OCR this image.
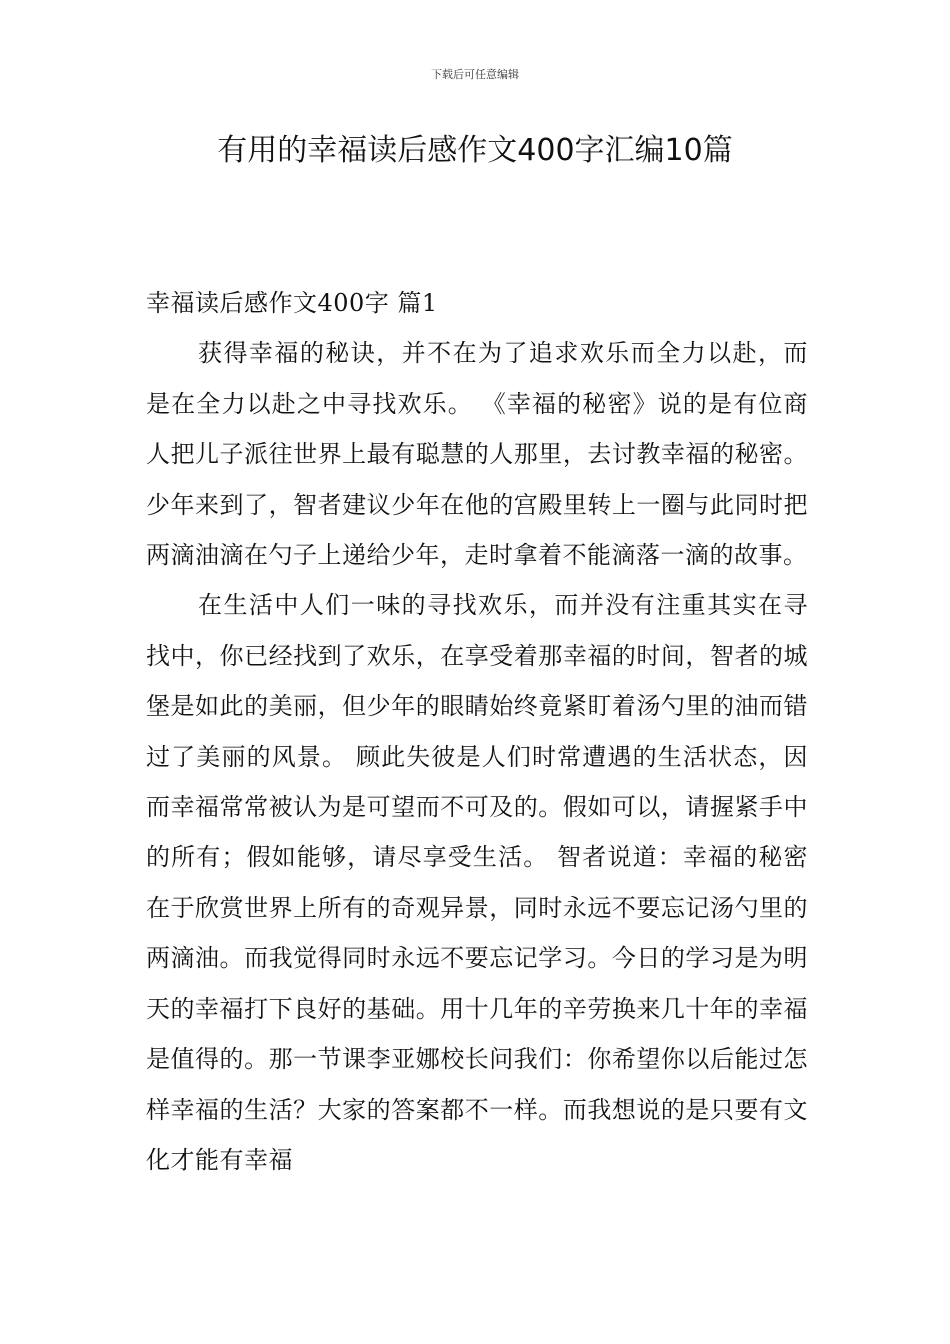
下载后可任意编辑
有用的幸福读后感作文400字汇编10篇
幸福读后感作文400字 篇1

获得幸福的秘诀，并不在为了追求欢乐而全力以赴，而是在全力以赴之中寻找欢乐。 《幸福的秘密》说的是有位商人把儿子派往世界上最有聪慧的人那里，去讨教幸福的秘密。少年来到了，智者建议少年在他的宫殿里转上一圈与此同时把两滴油滴在勺子上递给少年，走时拿着不能滴落一滴的故事。

在生活中人们一味的寻找欢乐，而并没有注重其实在寻找中，你已经找到了欢乐，在享受着那幸福的时间，智者的城堡是如此的美丽，但少年的眼睛始终竟紧盯着汤勺里的油而错过了美丽的风景。 顾此失彼是人们时常遭遇的生活状态，因而幸福常常被认为是可望而不可及的。假如可以，请握紧手中的所有；假如能够，请尽享受生活。 智者说道：幸福的秘密在于欣赏世界上所有的奇观异景，同时永远不要忘记汤勺里的两滴油。而我觉得同时永远不要忘记学习。今日的学习是为明天的幸福打下良好的基础。用十几年的辛劳换来几十年的幸福是值得的。那一节课李亚娜校长问我们：你希望你以后能过怎样幸福的生活？大家的答案都不一样。而我想说的是只要有文化才能有幸福
